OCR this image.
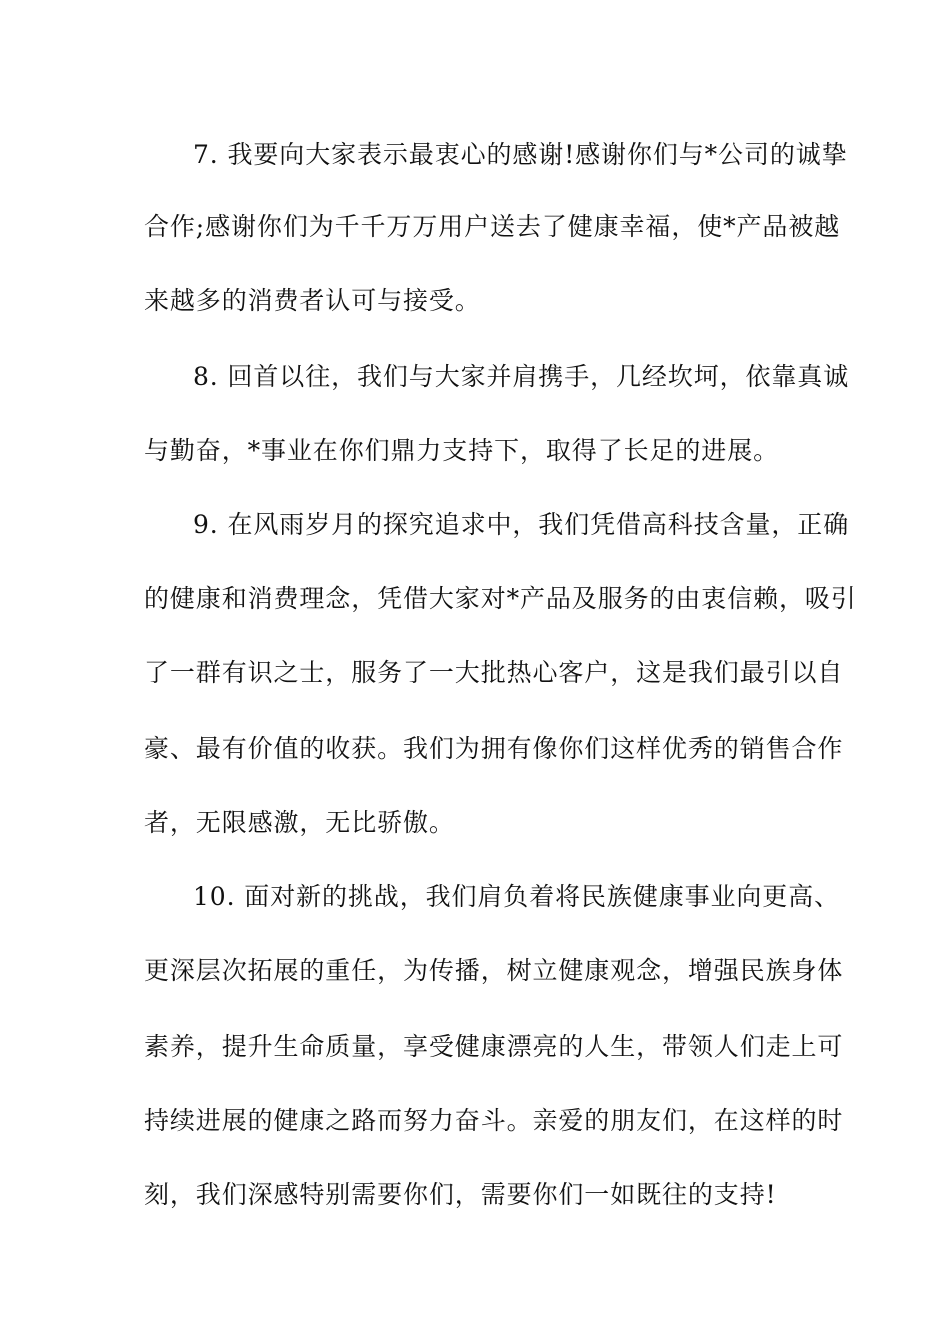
7. 我要向大家表示最衷心的感谢!感谢你们与*公司的诚挚

合作;感谢你们为千千万万用户送去了健康幸福，使*产品被越

来越多的消费者认可与接受。

8. 回首以往，我们与大家并肩携手，几经坎坷，依靠真诚

与勤奋，*事业在你们鼎力支持下，取得了长足的进展。

9. 在风雨岁月的探究追求中，我们凭借高科技含量，正确

的健康和消费理念，凭借大家对*产品及服务的由衷信赖，吸引

了一群有识之士，服务了一大批热心客户，这是我们最引以自

豪、最有价值的收获。我们为拥有像你们这样优秀的销售合作

者，无限感激，无比骄傲。

10. 面对新的挑战，我们肩负着将民族健康事业向更高、

更深层次拓展的重任，为传播，树立健康观念，增强民族身体

素养，提升生命质量，享受健康漂亮的人生，带领人们走上可

持续进展的健康之路而努力奋斗。亲爱的朋友们，在这样的时

刻，我们深感特别需要你们，需要你们一如既往的支持!
